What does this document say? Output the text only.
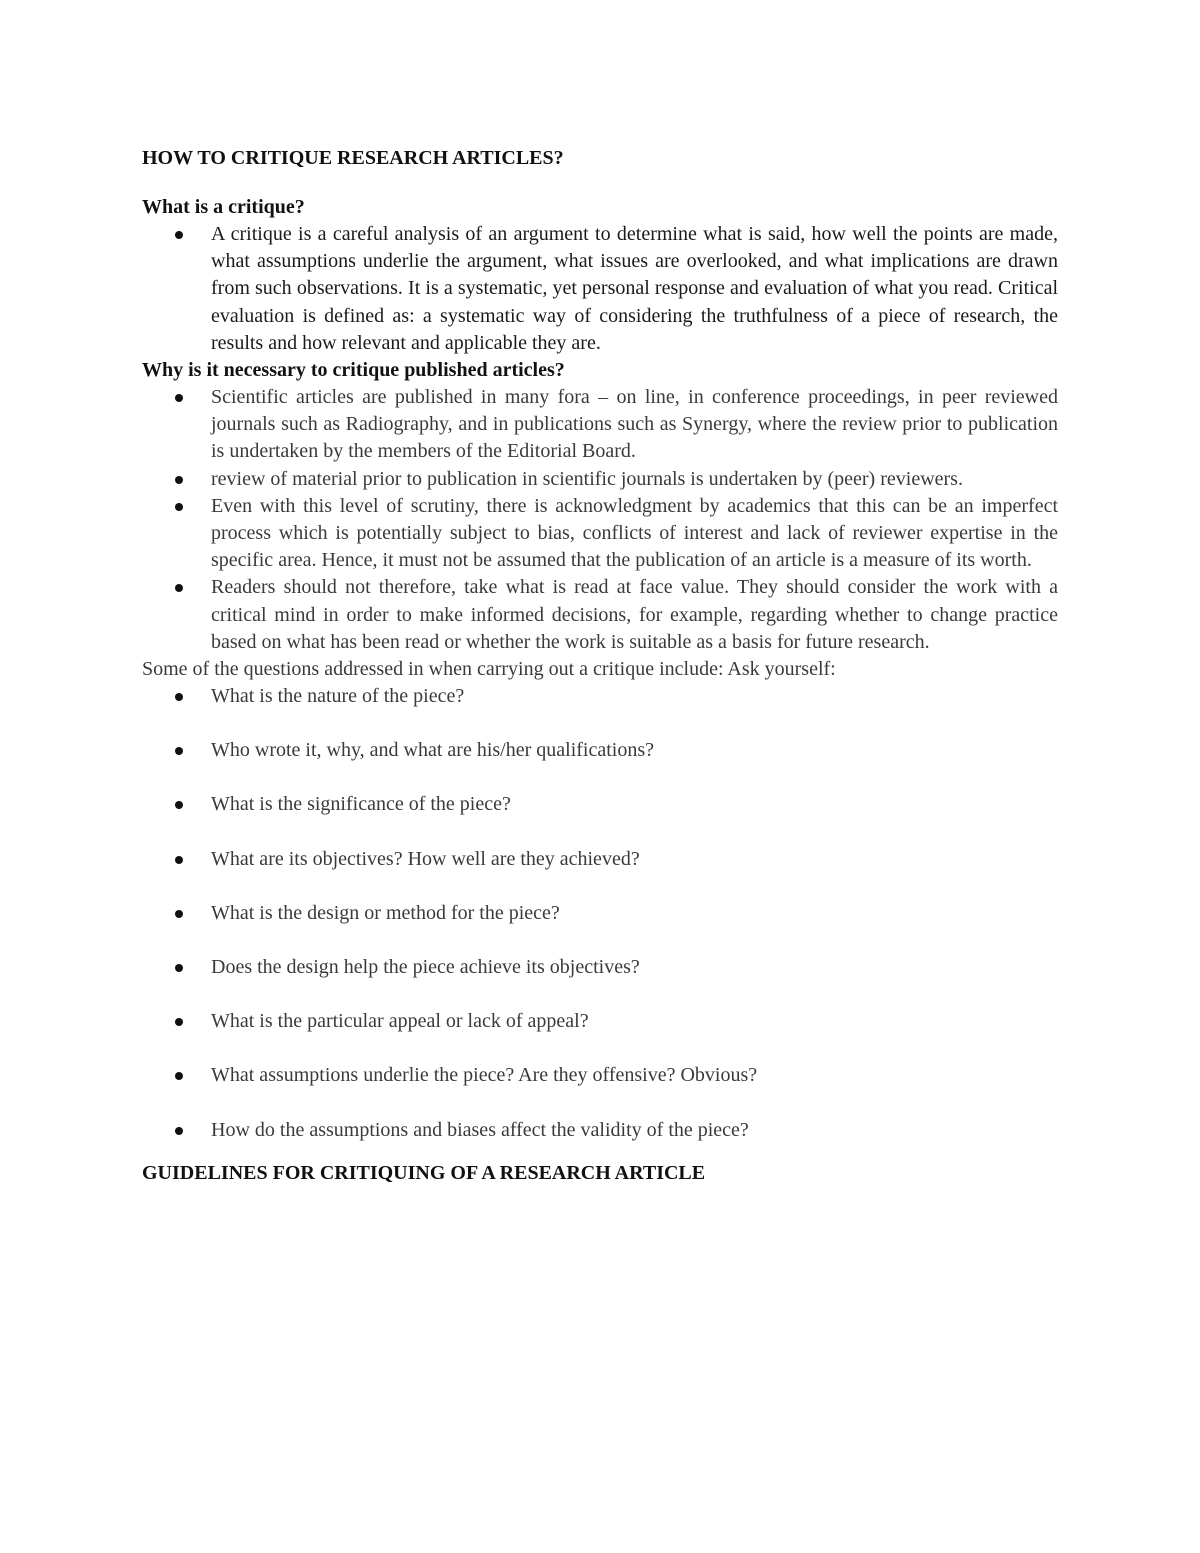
HOW TO CRITIQUE RESEARCH ARTICLES?

What is a critique?

A critique is a careful analysis of an argument to determine what is said, how well the points are made, what assumptions underlie the argument, what issues are overlooked, and what implications are drawn from such observations. It is a systematic, yet personal response and evaluation of what you read. Critical evaluation is defined as: a systematic way of considering the truthfulness of a piece of research, the results and how relevant and applicable they are.

Why is it necessary to critique published articles?

Scientific articles are published in many fora – on line, in conference proceedings, in peer reviewed journals such as Radiography, and in publications such as Synergy, where the review prior to publication is undertaken by the members of the Editorial Board.
review of material prior to publication in scientific journals is undertaken by (peer) reviewers.
Even with this level of scrutiny, there is acknowledgment by academics that this can be an imperfect process which is potentially subject to bias, conflicts of interest and lack of reviewer expertise in the specific area. Hence, it must not be assumed that the publication of an article is a measure of its worth.
Readers should not therefore, take what is read at face value. They should consider the work with a critical mind in order to make informed decisions, for example, regarding whether to change practice based on what has been read or whether the work is suitable as a basis for future research.

Some of the questions addressed in when carrying out a critique include: Ask yourself:

What is the nature of the piece?
Who wrote it, why, and what are his/her qualifications?
What is the significance of the piece?
What are its objectives? How well are they achieved?
What is the design or method for the piece?
Does the design help the piece achieve its objectives?
What is the particular appeal or lack of appeal?
What assumptions underlie the piece? Are they offensive? Obvious?
How do the assumptions and biases affect the validity of the piece?

GUIDELINES FOR CRITIQUING OF A RESEARCH ARTICLE
